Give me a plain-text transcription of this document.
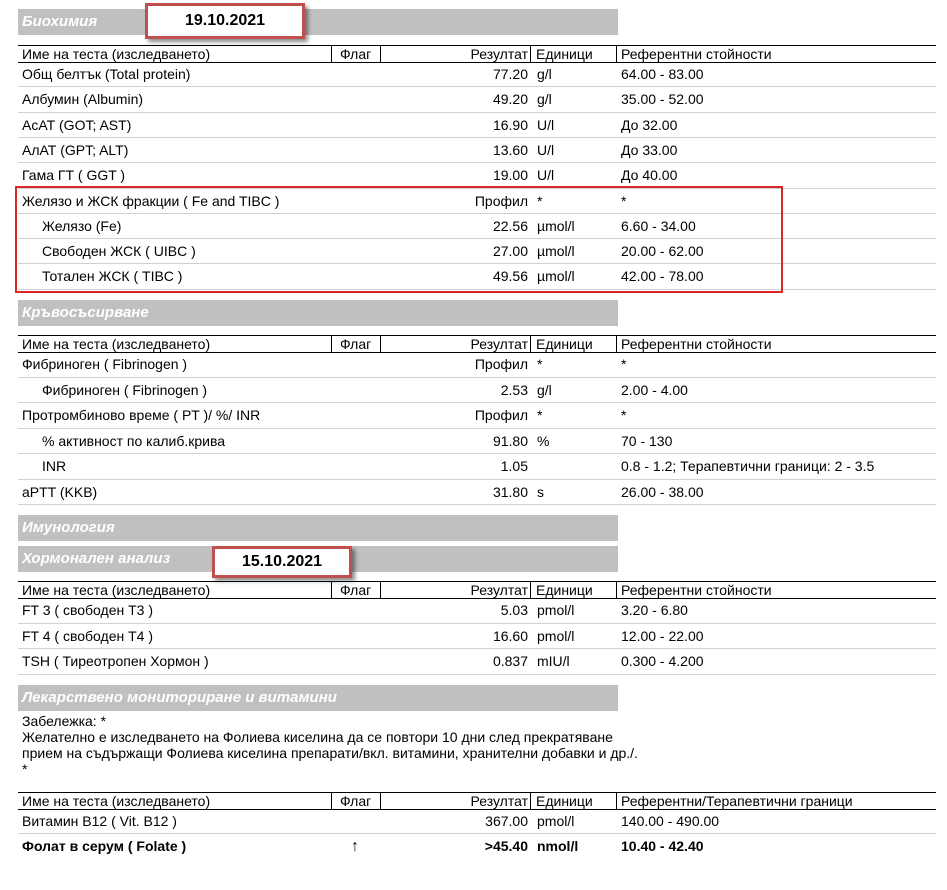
Биохимия	19.10.2021
Име на теста (изследването)	Флаг	Резултат Единици Референтни стойности
Общ белтък (Total protein)	77.20 g/l	64.00 - 83.00
Албумин (Albumin)	49.20 g/l	35.00 - 52.00
АсАТ (GOT; AST)	16.90 U/l	До 32.00
АлАТ (GPT; ALT)	13.60 U/l	До 33.00
Гама ГТ ( GGT )	19.00 U/l	До 40.00
Желязо и ЖСК фракции ( Fe and TIBC )	Профил *	*
Желязо (Fe)	22.56 µmol/l	6.60 - 34.00
Свободен ЖСК ( UIBC )	27.00 µmol/l	20.00 - 62.00
Тотален ЖСК ( TIBC )	49.56 µmol/l	42.00 - 78.00
Кръвосъсирване
Име на теста (изследването)	Флаг	Резултат Единици Референтни стойности
Фибриноген ( Fibrinogen )	Профил *	*
Фибриноген ( Fibrinogen )	2.53 g/l	2.00 - 4.00
Протромбиново време ( PT )/ %/ INR	Профил *	*
% активност по калиб.крива	91.80 %	70 - 130
INR	1.05	0.8 - 1.2; Терапевтични граници: 2 - 3.5
aPTT (KKB)	31.80 s	26.00 - 38.00
Имунология
Хормонален анализ	15.10.2021
Име на теста (изследването)	Флаг	Резултат Единици Референтни стойности
FT 3 ( свободен Т3 )	5.03 pmol/l	3.20 - 6.80
FT 4 ( свободен Т4 )	16.60 pmol/l	12.00 - 22.00
TSH ( Тиреотропен Хормон )	0.837 mIU/l	0.300 - 4.200
Лекарствено мониториране и витамини
Забележка: *
Желателно е изследването на Фолиева киселина да се повтори 10 дни след прекратяване
прием на съдържащи Фолиева киселина препарати/вкл. витамини, хранителни добавки и др./.
*
Име на теста (изследването)	Флаг	Резултат Единици Референтни/Терапевтични граници
Витамин В12 ( Vit. B12 )	367.00 pmol/l	140.00 - 490.00
Фолат в серум ( Folate )	↑	>45.40 nmol/l	10.40 - 42.40
